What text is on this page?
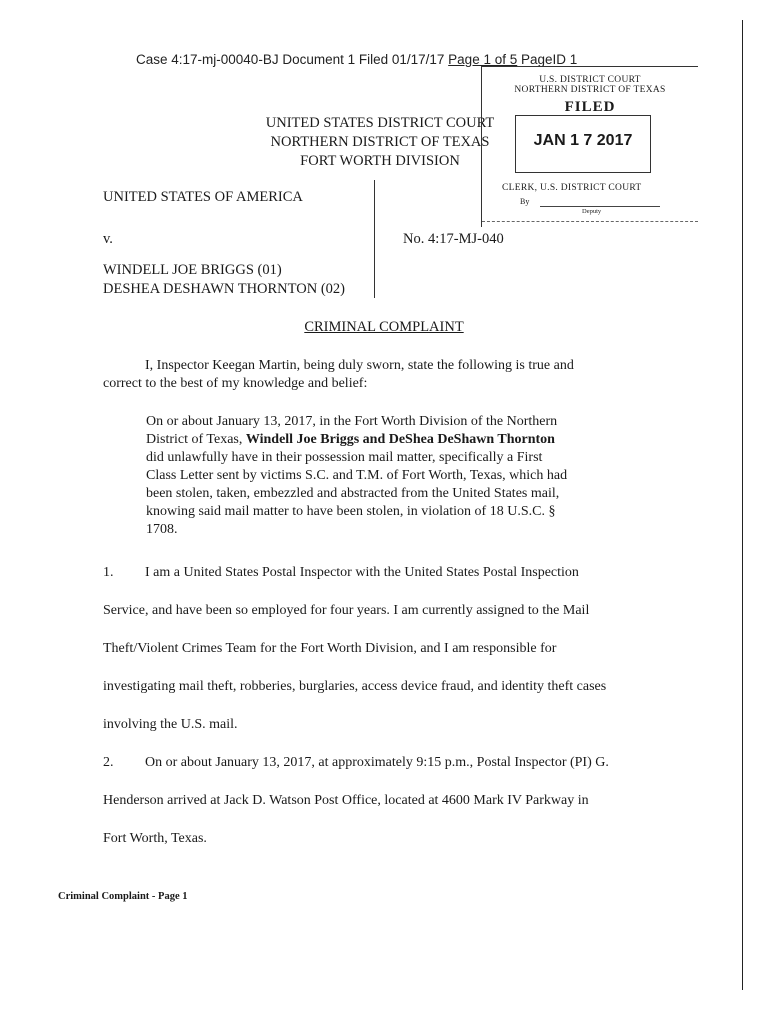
Case 4:17-mj-00040-BJ Document 1 Filed 01/17/17 Page 1 of 5 PageID 1
UNITED STATES DISTRICT COURT
NORTHERN DISTRICT OF TEXAS
FORT WORTH DIVISION
U.S. DISTRICT COURT
NORTHERN DISTRICT OF TEXAS
FILED
JAN 1 7 2017
CLERK, U.S. DISTRICT COURT
By
Deputy
UNITED STATES OF AMERICA
v.	No. 4:17-MJ-040
WINDELL JOE BRIGGS (01)
DESHEA DESHAWN THORNTON (02)
CRIMINAL COMPLAINT
I, Inspector Keegan Martin, being duly sworn, state the following is true and
correct to the best of my knowledge and belief:
On or about January 13, 2017, in the Fort Worth Division of the Northern
District of Texas, Windell Joe Briggs and DeShea DeShawn Thornton
did unlawfully have in their possession mail matter, specifically a First
Class Letter sent by victims S.C. and T.M. of Fort Worth, Texas, which had
been stolen, taken, embezzled and abstracted from the United States mail,
knowing said mail matter to have been stolen, in violation of 18 U.S.C. §
1708.
1. I am a United States Postal Inspector with the United States Postal Inspection
Service, and have been so employed for four years. I am currently assigned to the Mail
Theft/Violent Crimes Team for the Fort Worth Division, and I am responsible for
investigating mail theft, robberies, burglaries, access device fraud, and identity theft cases
involving the U.S. mail.
2. On or about January 13, 2017, at approximately 9:15 p.m., Postal Inspector (PI) G.
Henderson arrived at Jack D. Watson Post Office, located at 4600 Mark IV Parkway in
Fort Worth, Texas.
Criminal Complaint - Page 1
